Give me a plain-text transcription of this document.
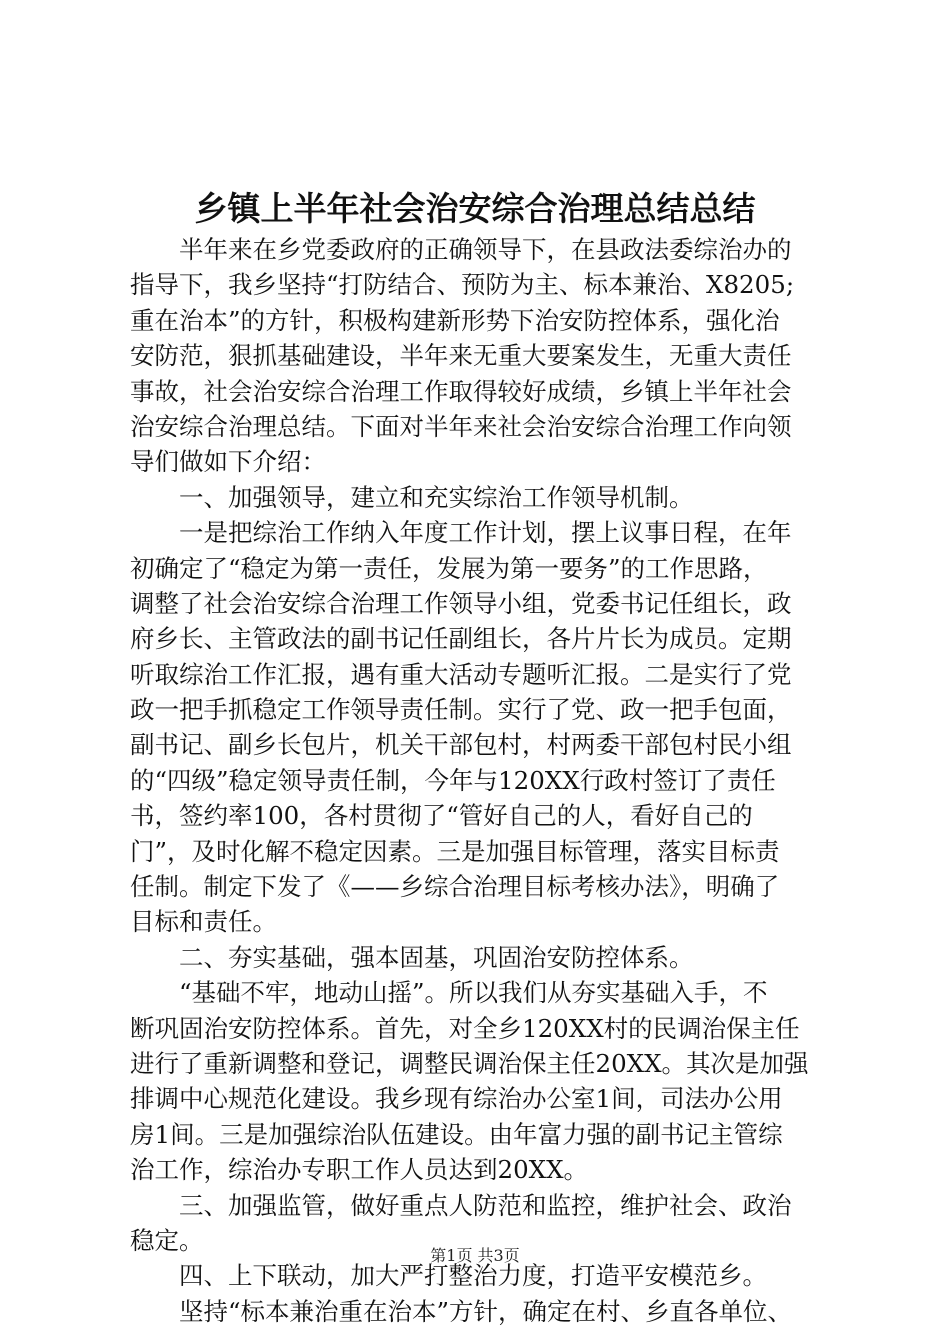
乡镇上半年社会治安综合治理总结总结
　　半年来在乡党委政府的正确领导下，在县政法委综治办的
指导下，我乡坚持“打防结合、预防为主、标本兼治、X8205;
重在治本”的方针，积极构建新形势下治安防控体系，强化治
安防范，狠抓基础建设，半年来无重大要案发生，无重大责任
事故，社会治安综合治理工作取得较好成绩，乡镇上半年社会
治安综合治理总结。下面对半年来社会治安综合治理工作向领
导们做如下介绍：
　　一、加强领导，建立和充实综治工作领导机制。
　　一是把综治工作纳入年度工作计划，摆上议事日程，在年
初确定了“稳定为第一责任，发展为第一要务”的工作思路，
调整了社会治安综合治理工作领导小组，党委书记任组长，政
府乡长、主管政法的副书记任副组长，各片片长为成员。定期
听取综治工作汇报，遇有重大活动专题听汇报。二是实行了党
政一把手抓稳定工作领导责任制。实行了党、政一把手包面，
副书记、副乡长包片，机关干部包村，村两委干部包村民小组
的“四级”稳定领导责任制，今年与120XX行政村签订了责任
书，签约率100，各村贯彻了“管好自己的人，看好自己的
门”，及时化解不稳定因素。三是加强目标管理，落实目标责
任制。制定下发了《——乡综合治理目标考核办法》，明确了
目标和责任。
　　二、夯实基础，强本固基，巩固治安防控体系。
　　“基础不牢，地动山摇”。所以我们从夯实基础入手，不
断巩固治安防控体系。首先，对全乡120XX村的民调治保主任
进行了重新调整和登记，调整民调治保主任20XX。其次是加强
排调中心规范化建设。我乡现有综治办公室1间，司法办公用
房1间。三是加强综治队伍建设。由年富力强的副书记主管综
治工作，综治办专职工作人员达到20XX。
　　三、加强监管，做好重点人防范和监控，维护社会、政治
稳定。
　　四、上下联动，加大严打整治力度，打造平安模范乡。
　　坚持“标本兼治重在治本”方针，确定在村、乡直各单位、
第1页 共3页
